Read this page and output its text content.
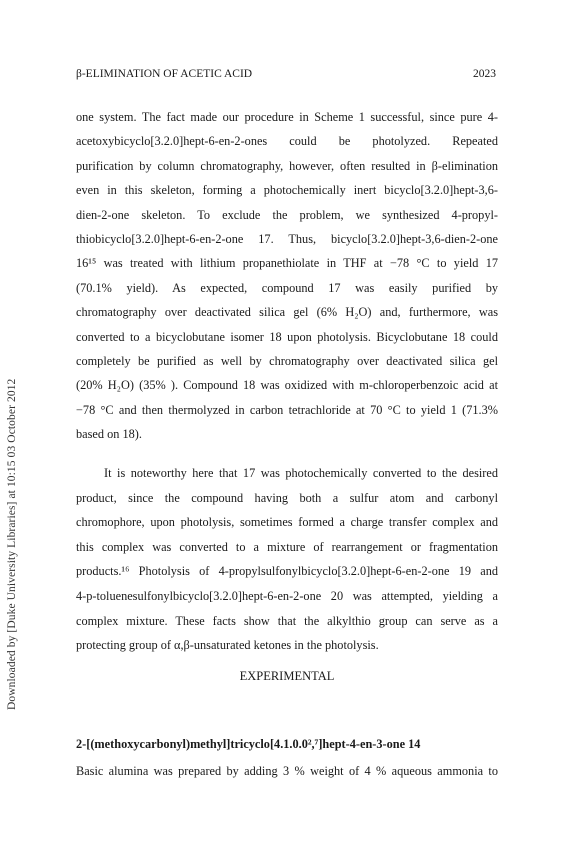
Downloaded by [Duke University Libraries] at 10:15 03 October 2012
β-ELIMINATION OF ACETIC ACID	2023
one system. The fact made our procedure in Scheme 1 successful, since pure 4-
acetoxybicyclo[3.2.0]hept-6-en-2-ones could be photolyzed. Repeated
purification by column chromatography, however, often resulted in β-elimination
even in this skeleton, forming a photochemically inert bicyclo[3.2.0]hept-3,6-
dien-2-one skeleton. To exclude the problem, we synthesized 4-propyl-
thiobicyclo[3.2.0]hept-6-en-2-one 17. Thus, bicyclo[3.2.0]hept-3,6-dien-2-one
16¹⁵ was treated with lithium propanethiolate in THF at −78 °C to yield 17
(70.1% yield). As expected, compound 17 was easily purified by
chromatography over deactivated silica gel (6% H₂O) and, furthermore, was
converted to a bicyclobutane isomer 18 upon photolysis. Bicyclobutane 18 could
completely be purified as well by chromatography over deactivated silica gel
(20% H₂O) (35% ). Compound 18 was oxidized with m-chloroperbenzoic acid at
−78 °C and then thermolyzed in carbon tetrachloride at 70 °C to yield 1 (71.3%
based on 18).
It is noteworthy here that 17 was photochemically converted to the desired
product, since the compound having both a sulfur atom and carbonyl
chromophore, upon photolysis, sometimes formed a charge transfer complex and
this complex was converted to a mixture of rearrangement or fragmentation
products.¹⁶ Photolysis of 4-propylsulfonylbicyclo[3.2.0]hept-6-en-2-one 19 and
4-p-toluenesulfonylbicyclo[3.2.0]hept-6-en-2-one 20 was attempted, yielding a
complex mixture. These facts show that the alkylthio group can serve as a
protecting group of α,β-unsaturated ketones in the photolysis.
EXPERIMENTAL
2-[(methoxycarbonyl)methyl]tricyclo[4.1.0.0²,⁷]hept-4-en-3-one 14
Basic alumina was prepared by adding 3 % weight of 4 % aqueous ammonia to
